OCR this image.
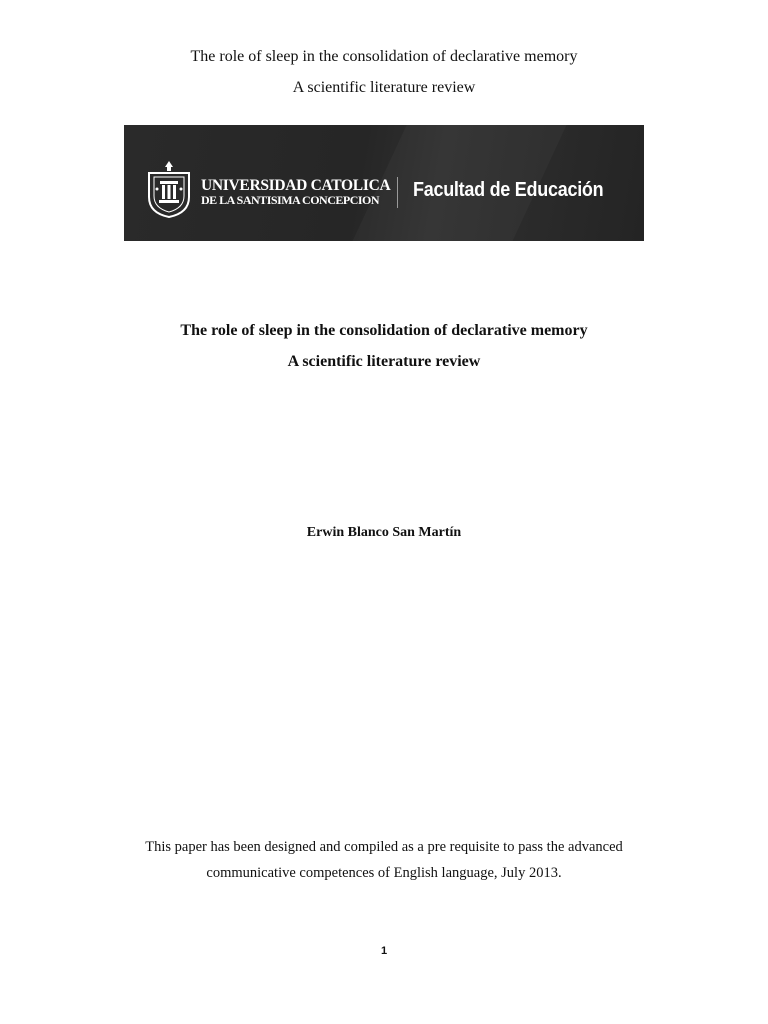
The role of sleep in the consolidation of declarative memory
A scientific literature review
UNIVERSIDAD CATOLICA
DE LA SANTISIMA CONCEPCION	Facultad de Educación
The role of sleep in the consolidation of declarative memory
A scientific literature review
Erwin Blanco San Martín
This paper has been designed and compiled as a pre requisite to pass the advanced
communicative competences of English language, July 2013.
1
